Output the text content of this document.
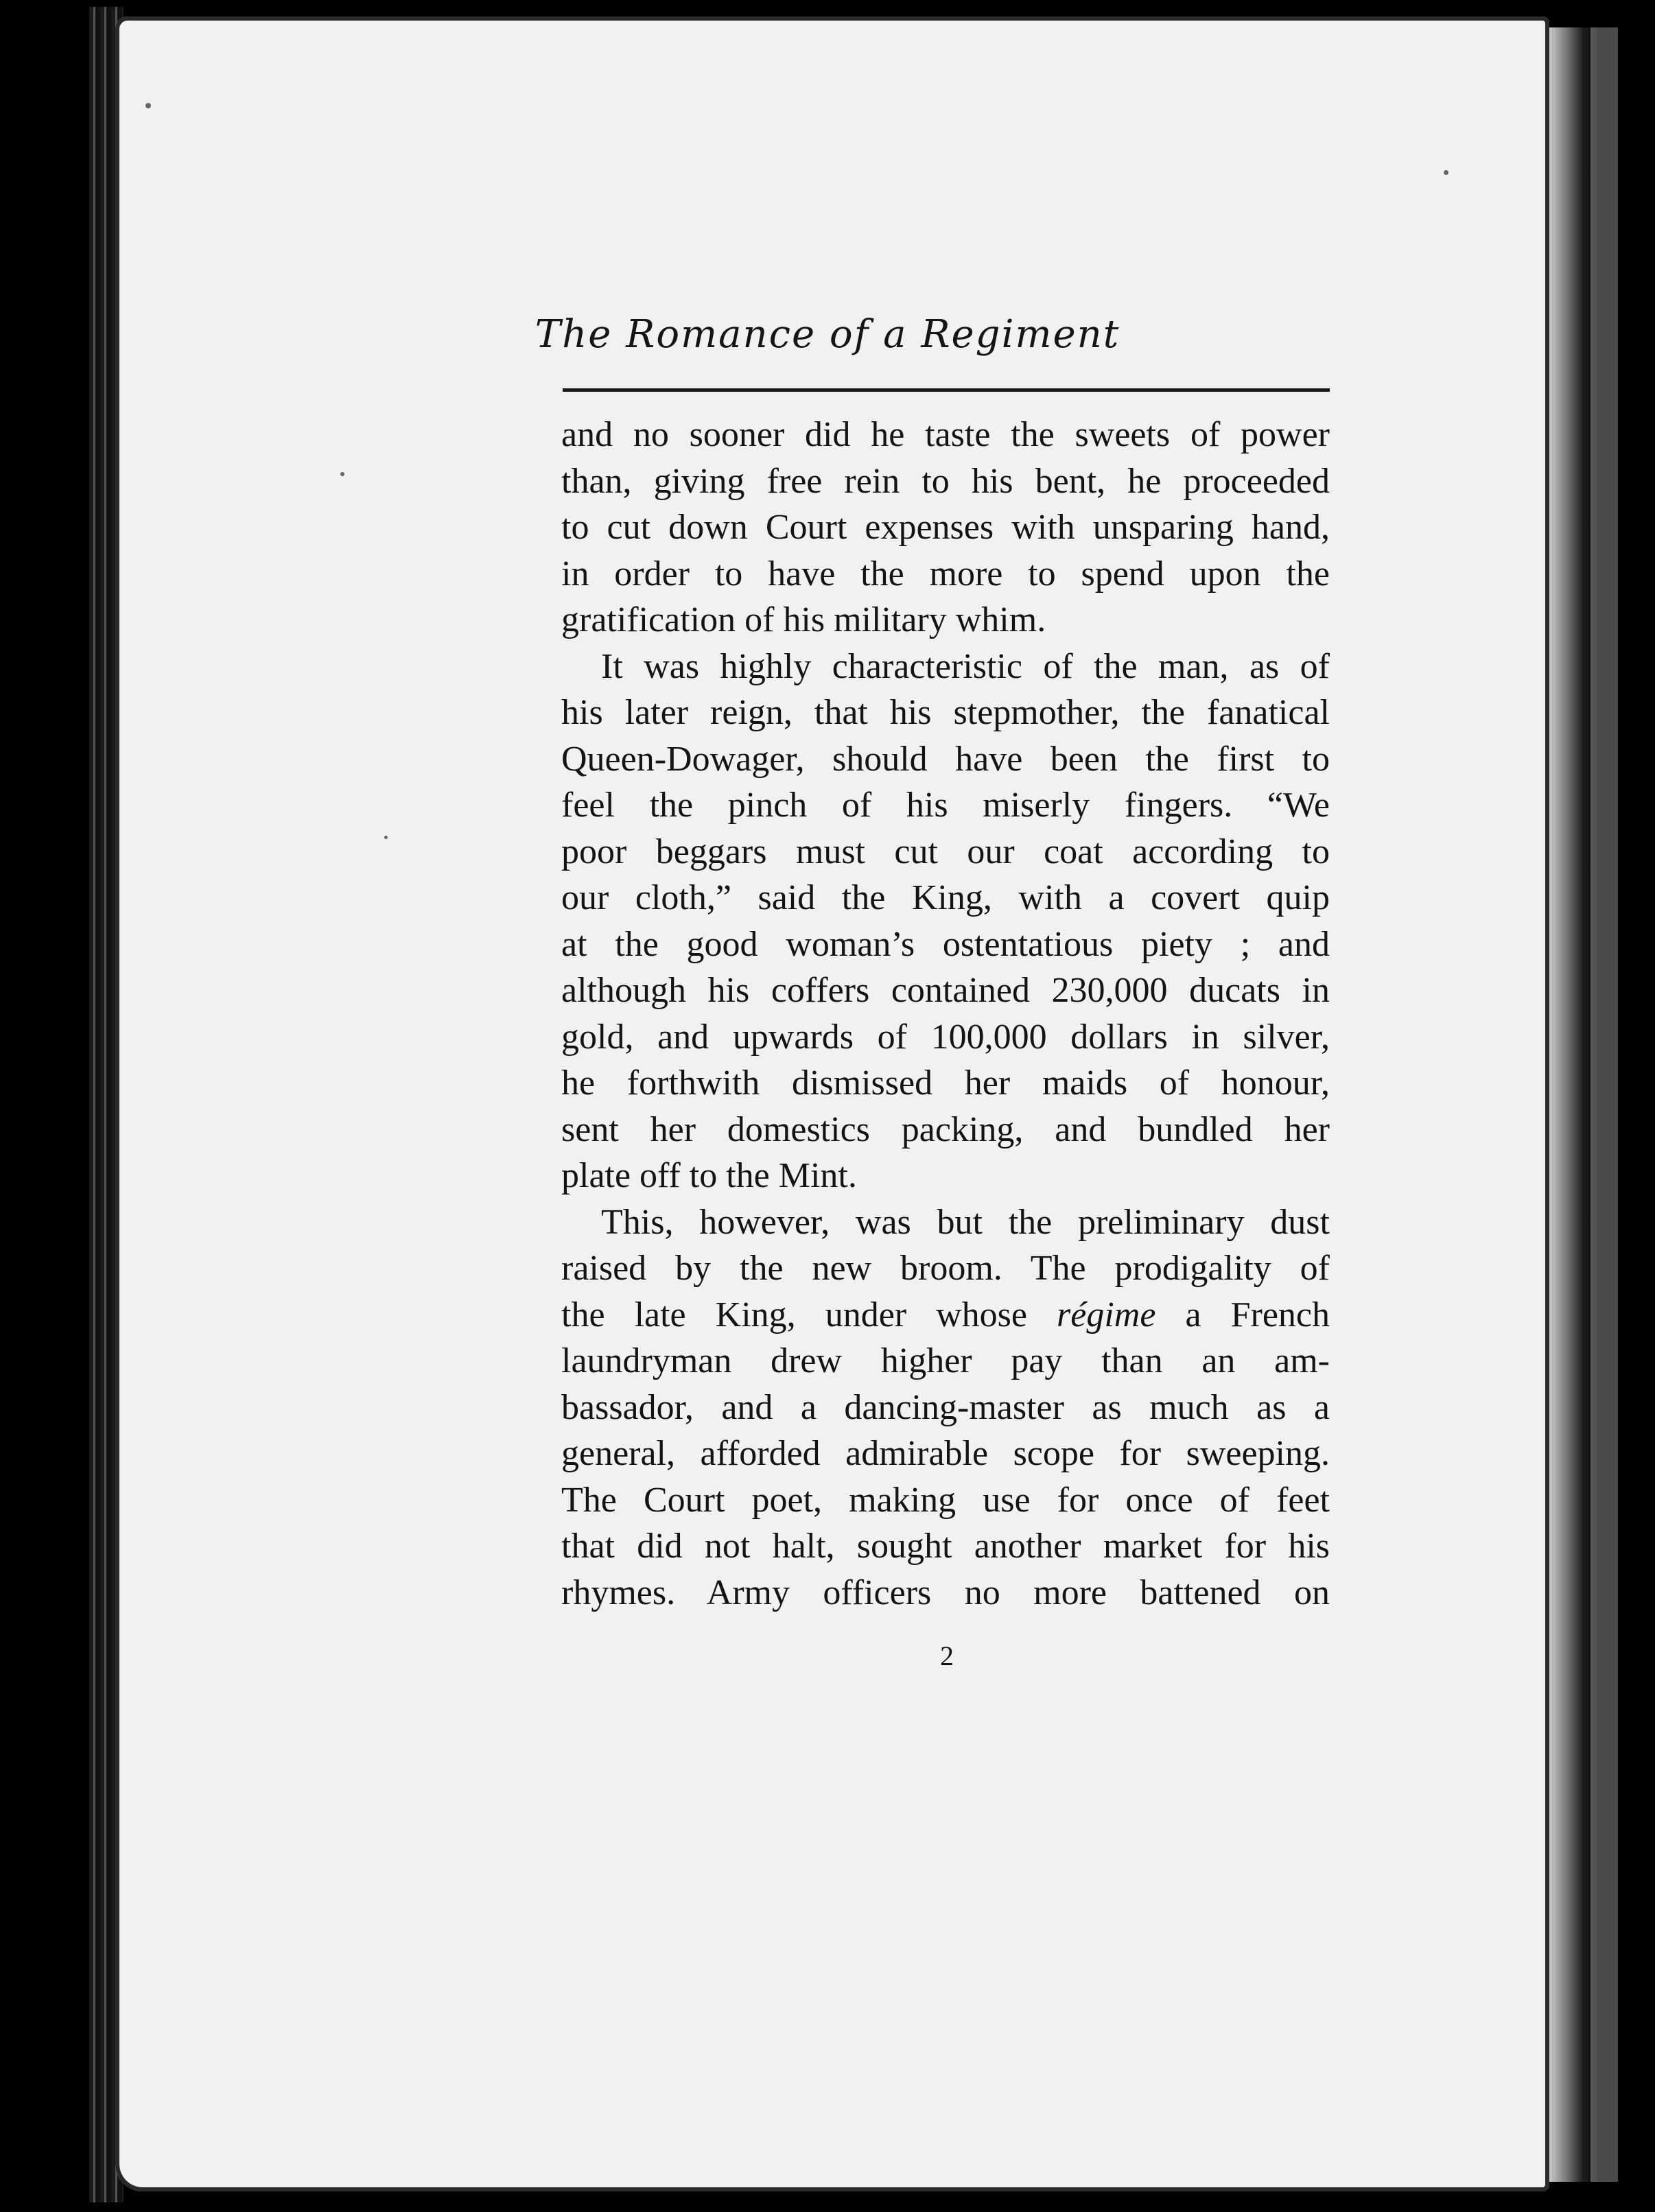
The Romance of a Regiment
and no sooner did he taste the sweets of power
than, giving free rein to his bent, he proceeded
to cut down Court expenses with unsparing hand,
in order to have the more to spend upon the
gratification of his military whim.
It was highly characteristic of the man, as of
his later reign, that his stepmother, the fanatical
Queen-Dowager, should have been the first to
feel the pinch of his miserly fingers. “We
poor beggars must cut our coat according to
our cloth,” said the King, with a covert quip
at the good woman’s ostentatious piety ; and
although his coffers contained 230,000 ducats in
gold, and upwards of 100,000 dollars in silver,
he forthwith dismissed her maids of honour,
sent her domestics packing, and bundled her
plate off to the Mint.
This, however, was but the preliminary dust
raised by the new broom. The prodigality of
the late King, under whose régime a French
laundryman drew higher pay than an am-
bassador, and a dancing-master as much as a
general, afforded admirable scope for sweeping.
The Court poet, making use for once of feet
that did not halt, sought another market for his
rhymes. Army officers no more battened on
2
